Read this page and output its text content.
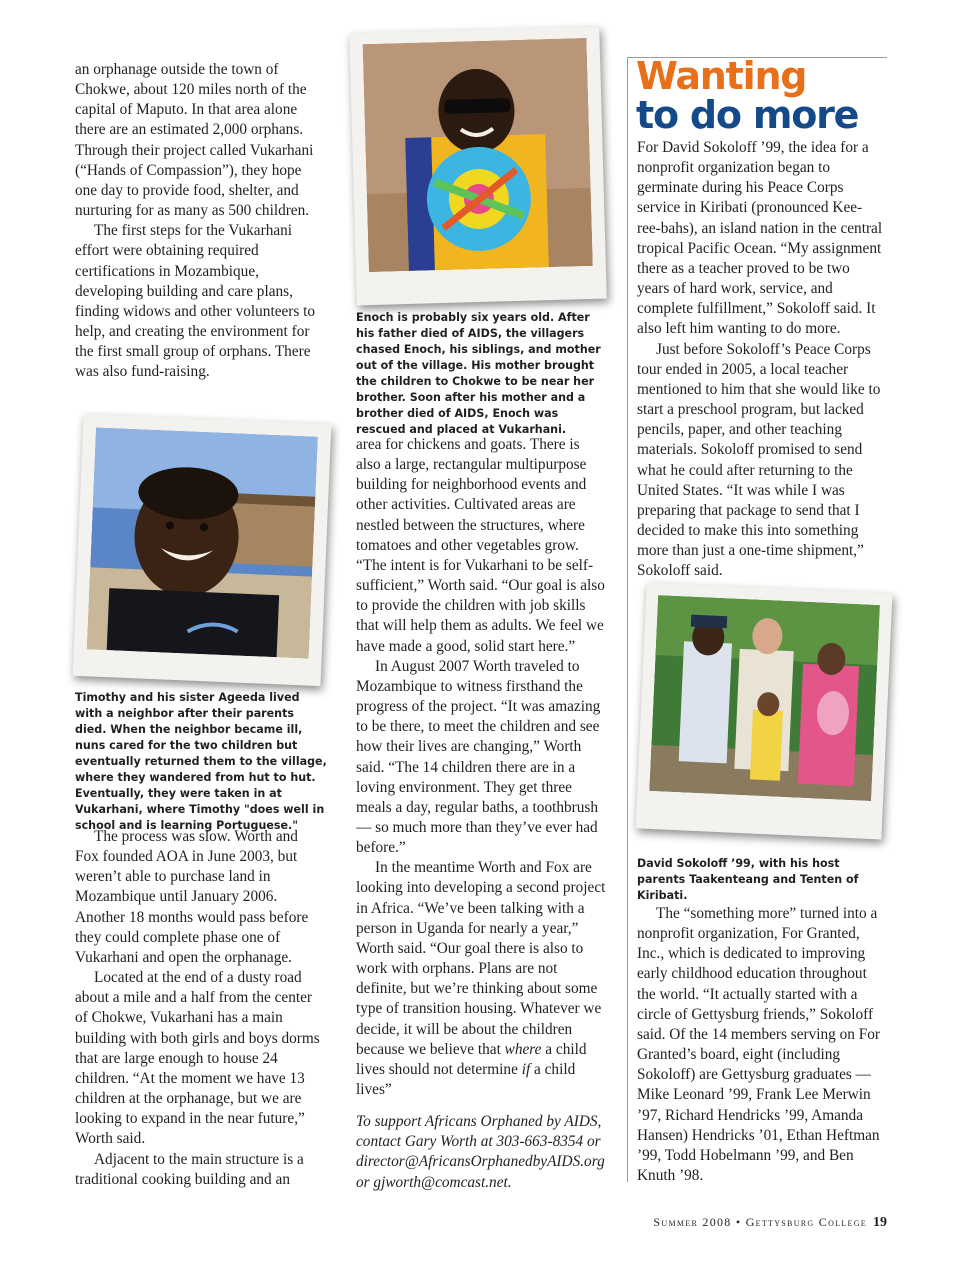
an orphanage outside the town of Chokwe, about 120 miles north of the capital of Maputo. In that area alone there are an estimated 2,000 orphans. Through their project called Vukarhani (“Hands of Compassion”), they hope one day to provide food, shelter, and nurturing for as many as 500 children.

The first steps for the Vukarhani effort were obtaining required certifications in Mozambique, developing building and care plans, finding widows and other volunteers to help, and creating the environment for the first small group of orphans. There was also fund-raising.

Timothy and his sister Ageeda lived with a neighbor after their parents died. When the neighbor became ill, nuns cared for the two children but eventually returned them to the village, where they wandered from hut to hut. Eventually, they were taken in at Vukarhani, where Timothy "does well in school and is learning Portuguese."

The process was slow. Worth and Fox founded AOA in June 2003, but weren’t able to purchase land in Mozambique until January 2006. Another 18 months would pass before they could complete phase one of Vukarhani and open the orphanage.

Located at the end of a dusty road about a mile and a half from the center of Chokwe, Vukarhani has a main building with both girls and boys dorms that are large enough to house 24 children. “At the moment we have 13 children at the orphanage, but we are looking to expand in the near future,” Worth said.

Adjacent to the main structure is a traditional cooking building and an

Enoch is probably six years old. After his father died of AIDS, the villagers chased Enoch, his siblings, and mother out of the village. His mother brought the children to Chokwe to be near her brother. Soon after his mother and a brother died of AIDS, Enoch was rescued and placed at Vukarhani.

area for chickens and goats. There is also a large, rectangular multipurpose building for neighborhood events and other activities. Cultivated areas are nestled between the structures, where tomatoes and other vegetables grow. “The intent is for Vukarhani to be self-sufficient,” Worth said. “Our goal is also to provide the children with job skills that will help them as adults. We feel we have made a good, solid start here.”

In August 2007 Worth traveled to Mozambique to witness firsthand the progress of the project. “It was amazing to be there, to meet the children and see how their lives are changing,” Worth said. “The 14 children there are in a loving environment. They get three meals a day, regular baths, a toothbrush — so much more than they’ve ever had before.”

In the meantime Worth and Fox are looking into developing a second project in Africa. “We’ve been talking with a person in Uganda for nearly a year,” Worth said. “Our goal there is also to work with orphans. Plans are not definite, but we’re thinking about some type of transition housing. Whatever we decide, it will be about the children because we believe that where a child lives should not determine if a child lives”

To support Africans Orphaned by AIDS, contact Gary Worth at 303-663-8354 or director@AfricansOrphanedbyAIDS.org or gjworth@comcast.net.

Wanting
to do more

For David Sokoloff ’99, the idea for a nonprofit organization began to germinate during his Peace Corps service in Kiribati (pronounced Kee-ree-bahs), an island nation in the central tropical Pacific Ocean. “My assignment there as a teacher proved to be two years of hard work, service, and complete fulfillment,” Sokoloff said. It also left him wanting to do more.

Just before Sokoloff’s Peace Corps tour ended in 2005, a local teacher mentioned to him that she would like to start a preschool program, but lacked pencils, paper, and other teaching materials. Sokoloff promised to send what he could after returning to the United States. “It was while I was preparing that package to send that I decided to make this into something more than just a one-time shipment,” Sokoloff said.

David Sokoloff ’99, with his host parents Taakenteang and Tenten of Kiribati.

The “something more” turned into a nonprofit organization, For Granted, Inc., which is dedicated to improving early childhood education throughout the world. “It actually started with a circle of Gettysburg friends,” Sokoloff said. Of the 14 members serving on For Granted’s board, eight (including Sokoloff) are Gettysburg graduates — Mike Leonard ’99, Frank Lee Merwin ’97, Richard Hendricks ’99, Amanda Hansen) Hendricks ’01, Ethan Heftman ’99, Todd Hobelmann ’99, and Ben Knuth ’98.

Summer 2008 • Gettysburg College 19
